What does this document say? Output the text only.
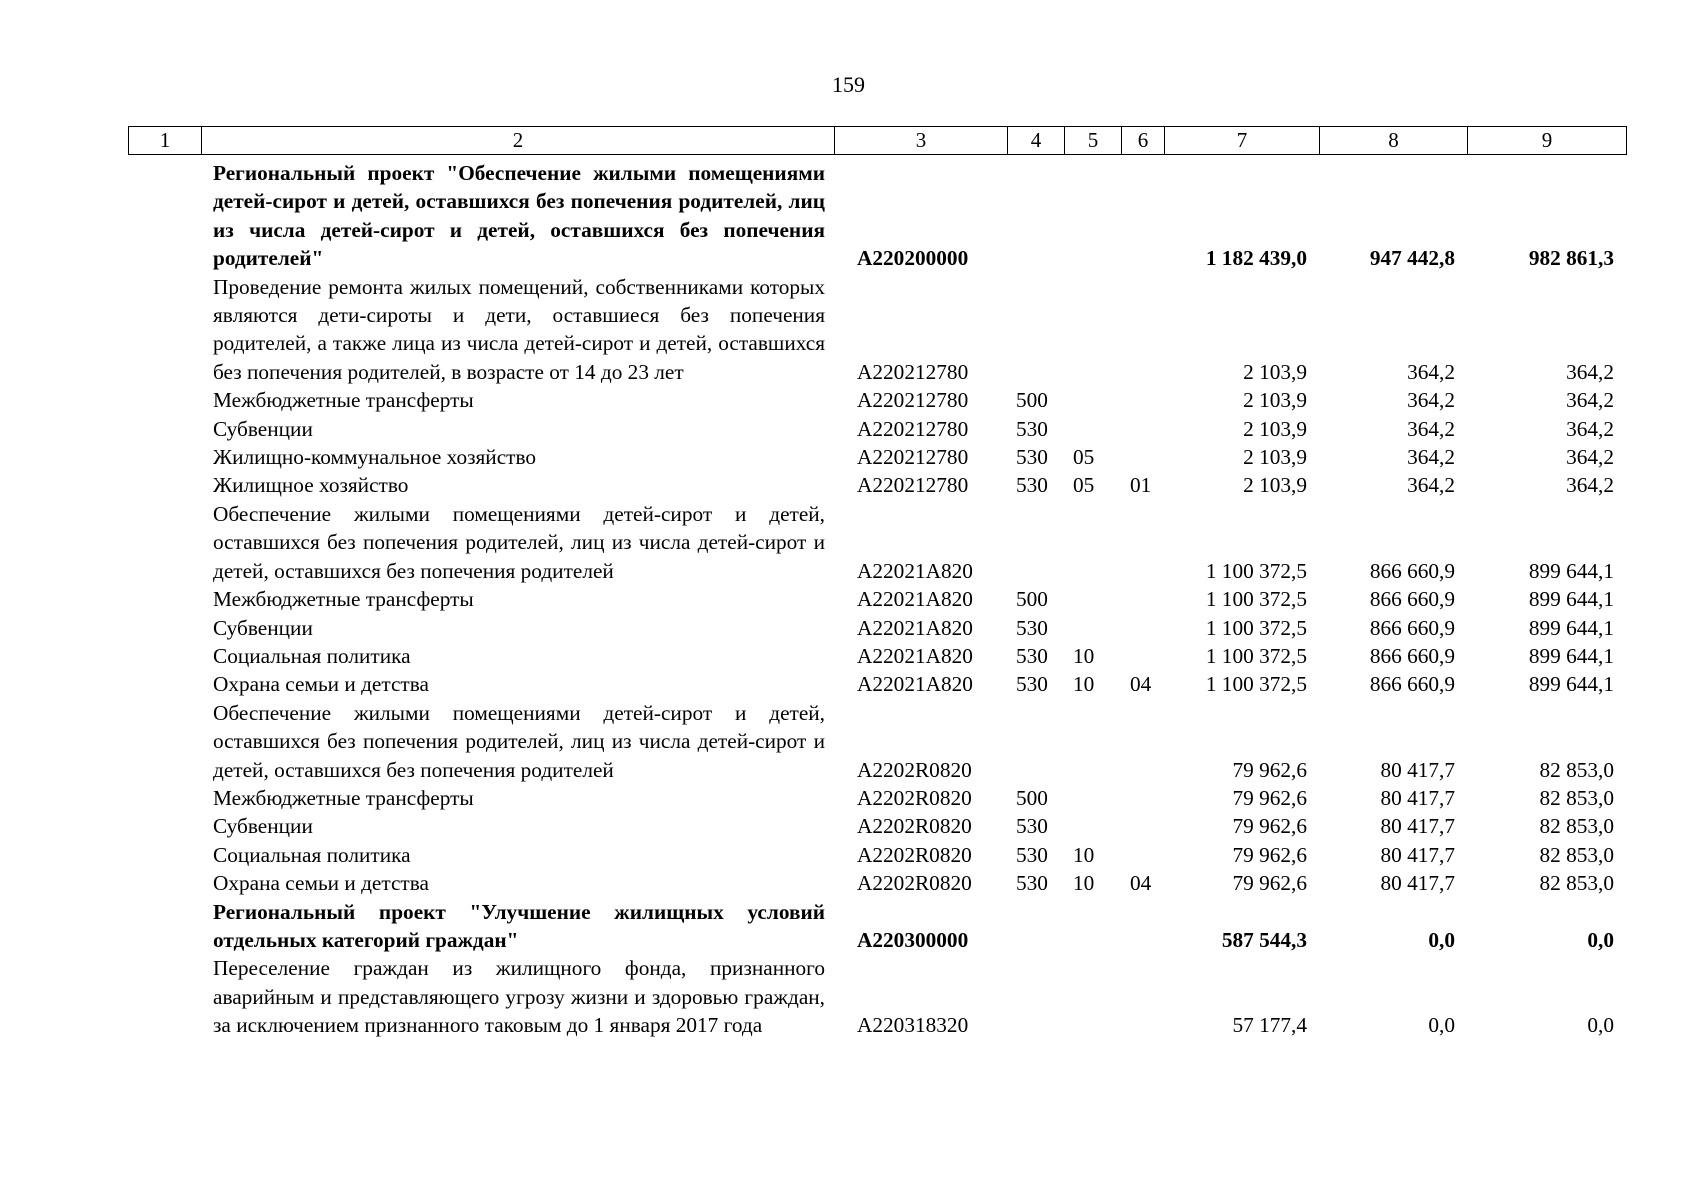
159
1	2	3	4	5	6	7	8	9
Региональный проект "Обеспечение жилыми помещениями детей-сирот и детей, оставшихся без попечения родителей, лиц из числа детей-сирот и детей, оставшихся без попечения родителей"	А220200000				1 182 439,0	947 442,8	982 861,3
Проведение ремонта жилых помещений, собственниками которых являются дети-сироты и дети, оставшиеся без попечения родителей, а также лица из числа детей-сирот и детей, оставшихся без попечения родителей, в возрасте от 14 до 23 лет	А220212780				2 103,9	364,2	364,2
Межбюджетные трансферты	А220212780	500			2 103,9	364,2	364,2
Субвенции	А220212780	530			2 103,9	364,2	364,2
Жилищно-коммунальное хозяйство	А220212780	530	05		2 103,9	364,2	364,2
Жилищное хозяйство	А220212780	530	05	01	2 103,9	364,2	364,2
Обеспечение жилыми помещениями детей-сирот и детей, оставшихся без попечения родителей, лиц из числа детей-сирот и детей, оставшихся без попечения родителей	А22021А820				1 100 372,5	866 660,9	899 644,1
Межбюджетные трансферты	А22021А820	500			1 100 372,5	866 660,9	899 644,1
Субвенции	А22021А820	530			1 100 372,5	866 660,9	899 644,1
Социальная политика	А22021А820	530	10		1 100 372,5	866 660,9	899 644,1
Охрана семьи и детства	А22021А820	530	10	04	1 100 372,5	866 660,9	899 644,1
Обеспечение жилыми помещениями детей-сирот и детей, оставшихся без попечения родителей, лиц из числа детей-сирот и детей, оставшихся без попечения родителей	А2202R0820				79 962,6	80 417,7	82 853,0
Межбюджетные трансферты	А2202R0820	500			79 962,6	80 417,7	82 853,0
Субвенции	А2202R0820	530			79 962,6	80 417,7	82 853,0
Социальная политика	А2202R0820	530	10		79 962,6	80 417,7	82 853,0
Охрана семьи и детства	А2202R0820	530	10	04	79 962,6	80 417,7	82 853,0
Региональный проект "Улучшение жилищных условий отдельных категорий граждан"	А220300000				587 544,3	0,0	0,0
Переселение граждан из жилищного фонда, признанного аварийным и представляющего угрозу жизни и здоровью граждан, за исключением признанного таковым до 1 января 2017 года	А220318320				57 177,4	0,0	0,0
